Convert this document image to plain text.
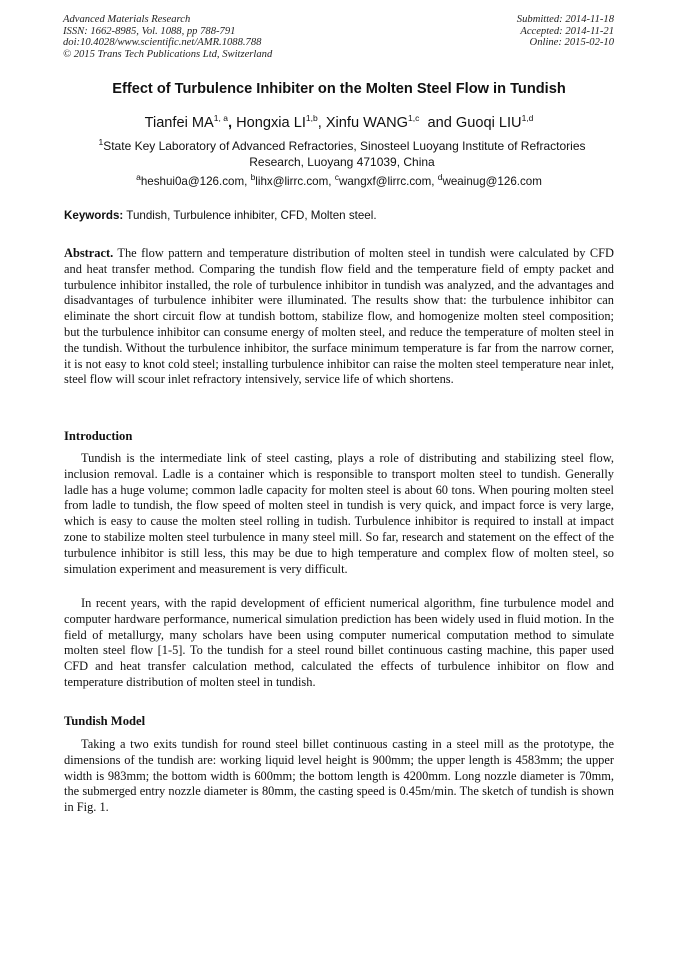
Advanced Materials Research
ISSN: 1662-8985, Vol. 1088, pp 788-791
doi:10.4028/www.scientific.net/AMR.1088.788
© 2015 Trans Tech Publications Ltd, Switzerland
Submitted: 2014-11-18
Accepted: 2014-11-21
Online: 2015-02-10
Effect of Turbulence Inhibiter on the Molten Steel Flow in Tundish
Tianfei MA$^{1, a}$, Hongxia LI$^{1,b}$, Xinfu WANG$^{1,c}$  and Guoqi LIU$^{1,d}$
$^1$State Key Laboratory of Advanced Refractories, Sinosteel Luoyang Institute of Refractories Research, Luoyang 471039, China
$^a$heshui0a@126.com, $^b$lihx@lirrc.com, $^c$wangxf@lirrc.com, $^d$weainug@126.com
Keywords: Tundish, Turbulence inhibiter, CFD, Molten steel.

Abstract. The flow pattern and temperature distribution of molten steel in tundish were calculated by CFD and heat transfer method. Comparing the tundish flow field and the temperature field of empty packet and turbulence inhibitor installed, the role of turbulence inhibitor in tundish was analyzed, and the advantages and disadvantages of turbulence inhibiter were illuminated. The results show that: the turbulence inhibitor can eliminate the short circuit flow at tundish bottom, stabilize flow, and homogenize molten steel composition; but the turbulence inhibitor can consume energy of molten steel, and reduce the temperature of molten steel in the tundish. Without the turbulence inhibitor, the surface minimum temperature is far from the narrow corner, it is not easy to knot cold steel; installing turbulence inhibitor can raise the molten steel temperature near inlet, steel flow will scour inlet refractory intensively, service life of which shortens.

Introduction

Tundish is the intermediate link of steel casting, plays a role of distributing and stabilizing steel flow, inclusion removal. Ladle is a container which is responsible to transport molten steel to tundish. Generally ladle has a huge volume; common ladle capacity for molten steel is about 60 tons. When pouring molten steel from ladle to tundish, the flow speed of molten steel in tundish is very quick, and impact force is very large, which is easy to cause the molten steel rolling in tudish. Turbulence inhibitor is required to install at impact zone to stabilize molten steel turbulence in many steel mill. So far, research and statement on the effect of the turbulence inhibitor is still less, this may be due to high temperature and complex flow of molten steel, so simulation experiment and measurement is very difficult.

In recent years, with the rapid development of efficient numerical algorithm, fine turbulence model and computer hardware performance, numerical simulation prediction has been widely used in fluid motion. In the field of metallurgy, many scholars have been using computer numerical computation method to simulate molten steel flow [1-5]. To the tundish for a steel round billet continuous casting machine, this paper used CFD and heat transfer calculation method, calculated the effects of turbulence inhibitor on flow and temperature distribution of molten steel in tundish.

Tundish Model

Taking a two exits tundish for round steel billet continuous casting in a steel mill as the prototype, the dimensions of the tundish are: working liquid level height is 900mm; the upper length is 4583mm; the upper width is 983mm; the bottom width is 600mm; the bottom length is 4200mm. Long nozzle diameter is 70mm, the submerged entry nozzle diameter is 80mm, the casting speed is 0.45m/min. The sketch of tundish is shown in Fig. 1.
